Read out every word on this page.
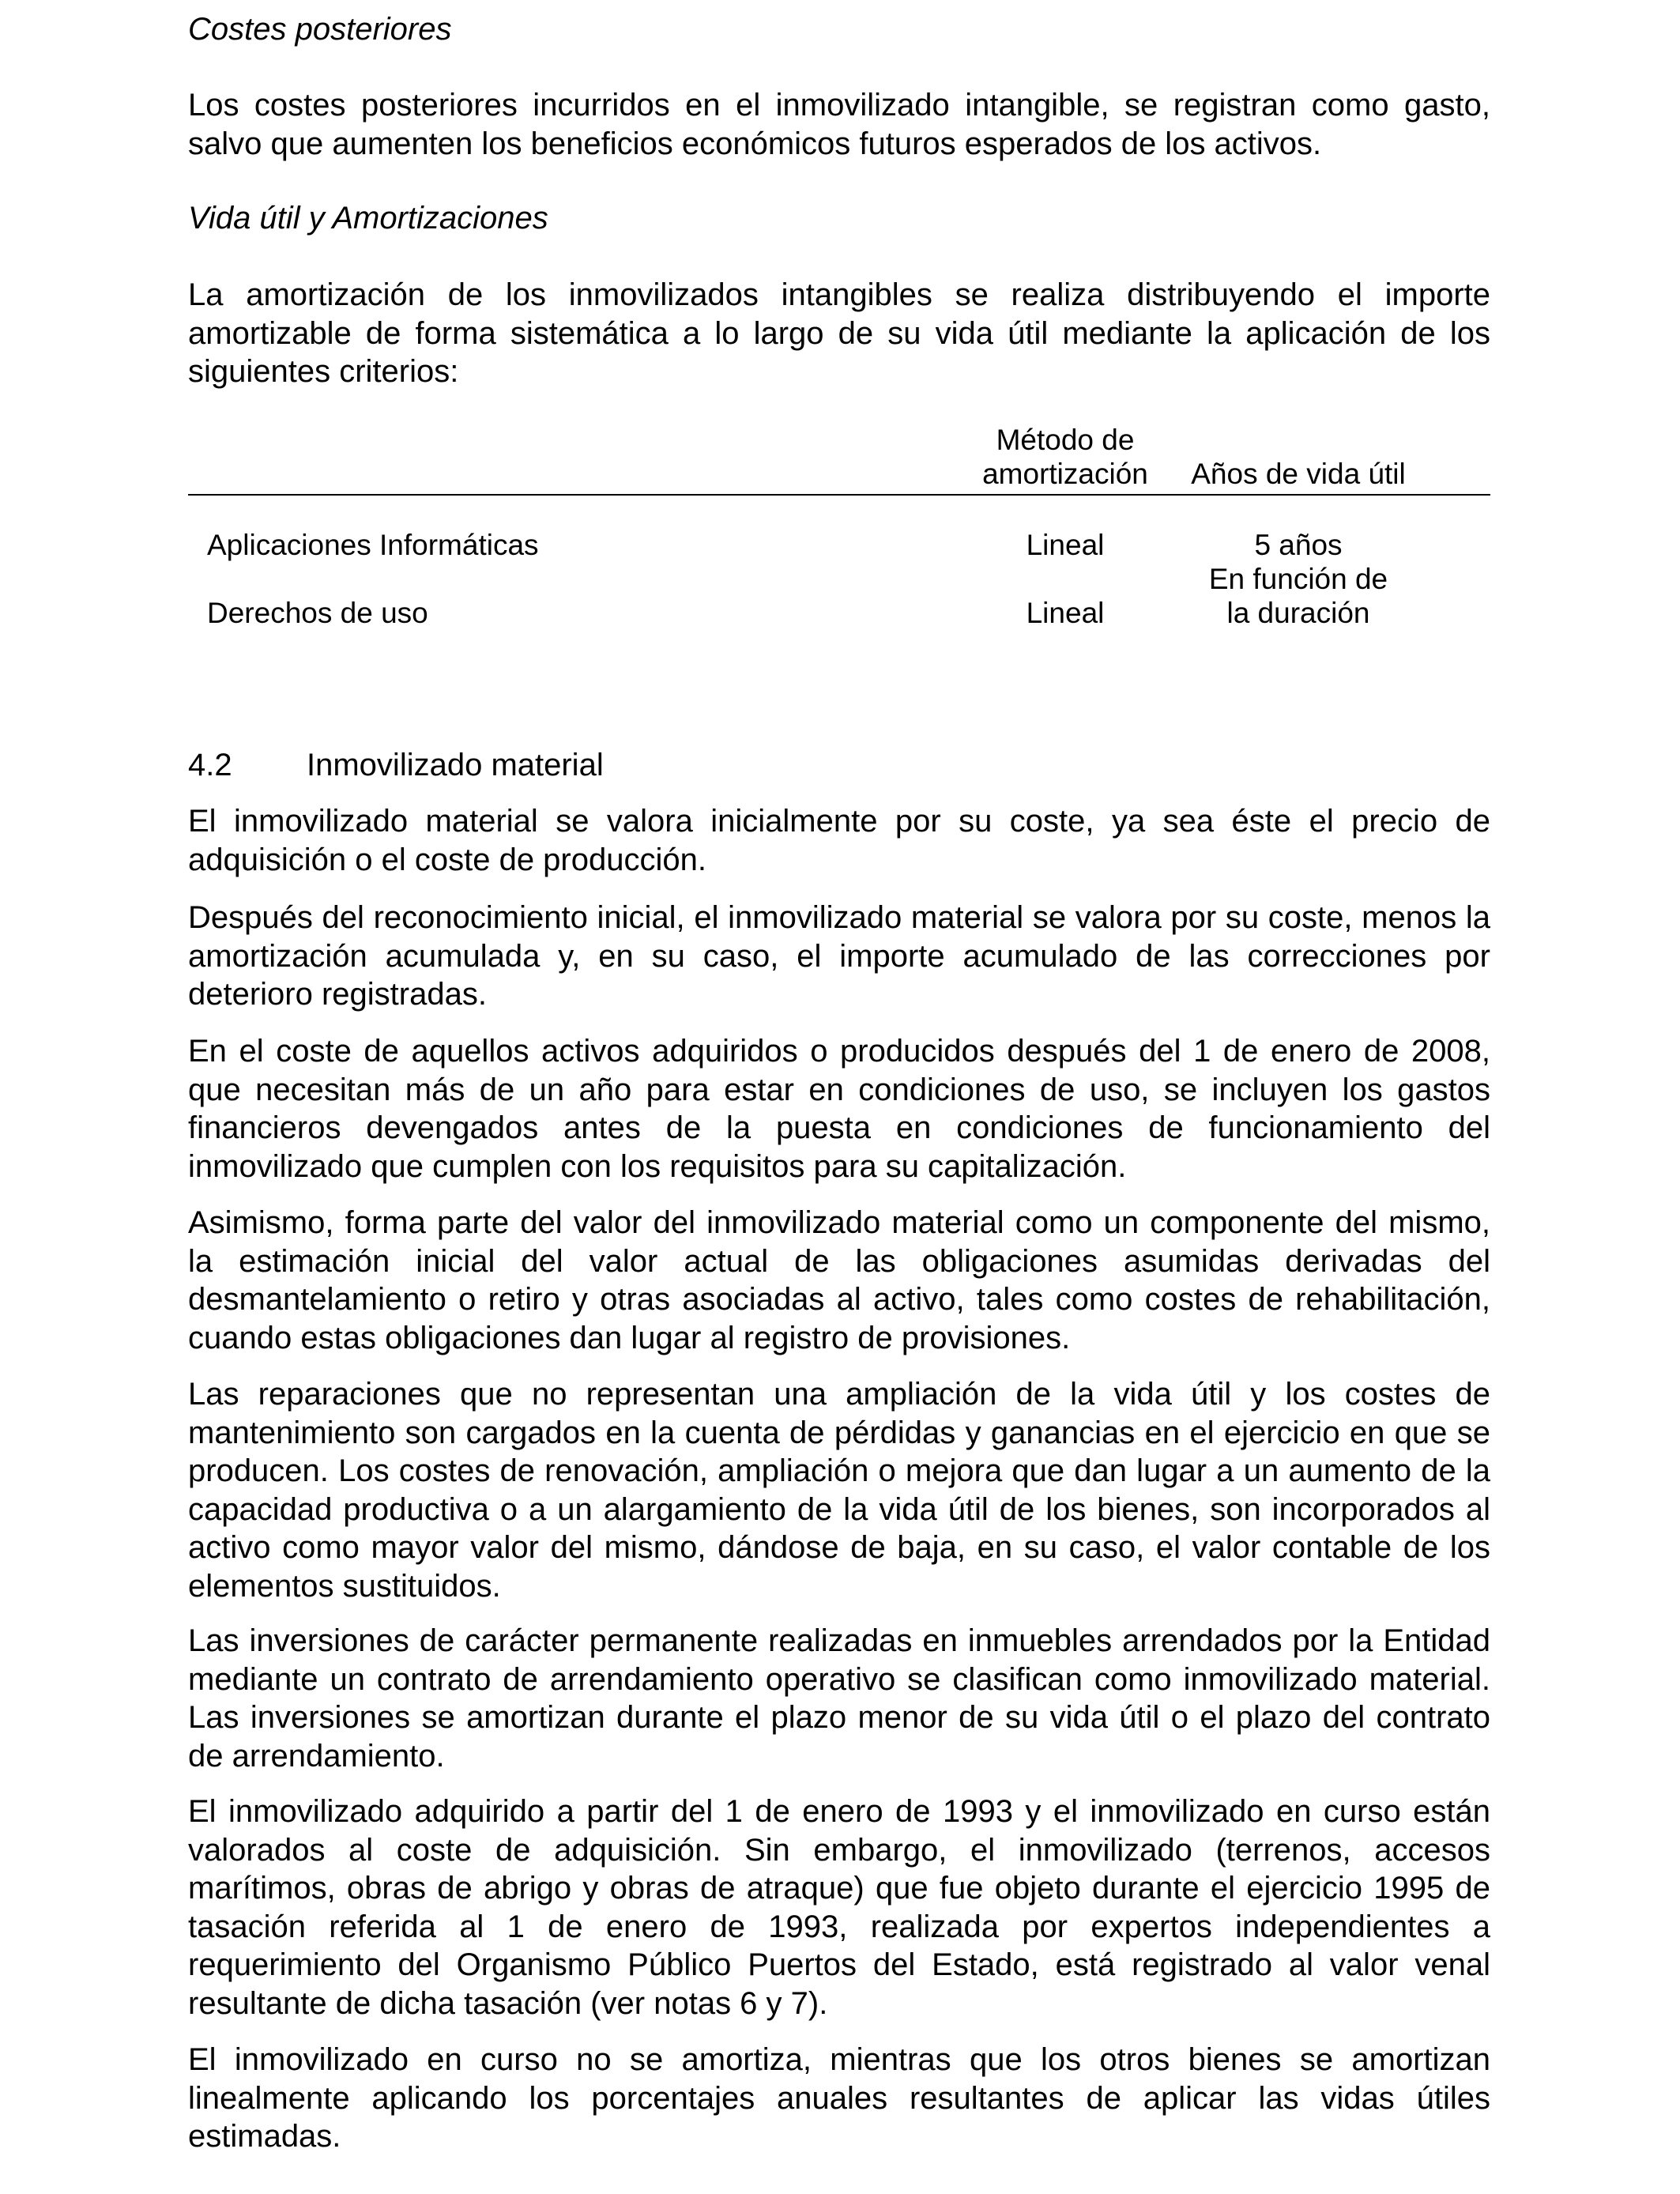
Costes posteriores

Los costes posteriores incurridos en el inmovilizado intangible, se registran como gasto, salvo que aumenten los beneficios económicos futuros esperados de los activos.

Vida útil y Amortizaciones

La amortización de los inmovilizados intangibles se realiza distribuyendo el importe amortizable de forma sistemática a lo largo de su vida útil mediante la aplicación de los siguientes criterios:

Método de
amortización	Años de vida útil
Aplicaciones Informáticas	Lineal	5 años
En función de
Derechos de uso	Lineal	la duración

4.2 Inmovilizado material

El inmovilizado material se valora inicialmente por su coste, ya sea éste el precio de adquisición o el coste de producción.

Después del reconocimiento inicial, el inmovilizado material se valora por su coste, menos la amortización acumulada y, en su caso, el importe acumulado de las correcciones por deterioro registradas.

En el coste de aquellos activos adquiridos o producidos después del 1 de enero de 2008, que necesitan más de un año para estar en condiciones de uso, se incluyen los gastos financieros devengados antes de la puesta en condiciones de funcionamiento del inmovilizado que cumplen con los requisitos para su capitalización.

Asimismo, forma parte del valor del inmovilizado material como un componente del mismo, la estimación inicial del valor actual de las obligaciones asumidas derivadas del desmantelamiento o retiro y otras asociadas al activo, tales como costes de rehabilitación, cuando estas obligaciones dan lugar al registro de provisiones.

Las reparaciones que no representan una ampliación de la vida útil y los costes de mantenimiento son cargados en la cuenta de pérdidas y ganancias en el ejercicio en que se producen. Los costes de renovación, ampliación o mejora que dan lugar a un aumento de la capacidad productiva o a un alargamiento de la vida útil de los bienes, son incorporados al activo como mayor valor del mismo, dándose de baja, en su caso, el valor contable de los elementos sustituidos.

Las inversiones de carácter permanente realizadas en inmuebles arrendados por la Entidad mediante un contrato de arrendamiento operativo se clasifican como inmovilizado material. Las inversiones se amortizan durante el plazo menor de su vida útil o el plazo del contrato de arrendamiento.

El inmovilizado adquirido a partir del 1 de enero de 1993 y el inmovilizado en curso están valorados al coste de adquisición. Sin embargo, el inmovilizado (terrenos, accesos marítimos, obras de abrigo y obras de atraque) que fue objeto durante el ejercicio 1995 de tasación referida al 1 de enero de 1993, realizada por expertos independientes a requerimiento del Organismo Público Puertos del Estado, está registrado al valor venal resultante de dicha tasación (ver notas 6 y 7).

El inmovilizado en curso no se amortiza, mientras que los otros bienes se amortizan linealmente aplicando los porcentajes anuales resultantes de aplicar las vidas útiles estimadas.
